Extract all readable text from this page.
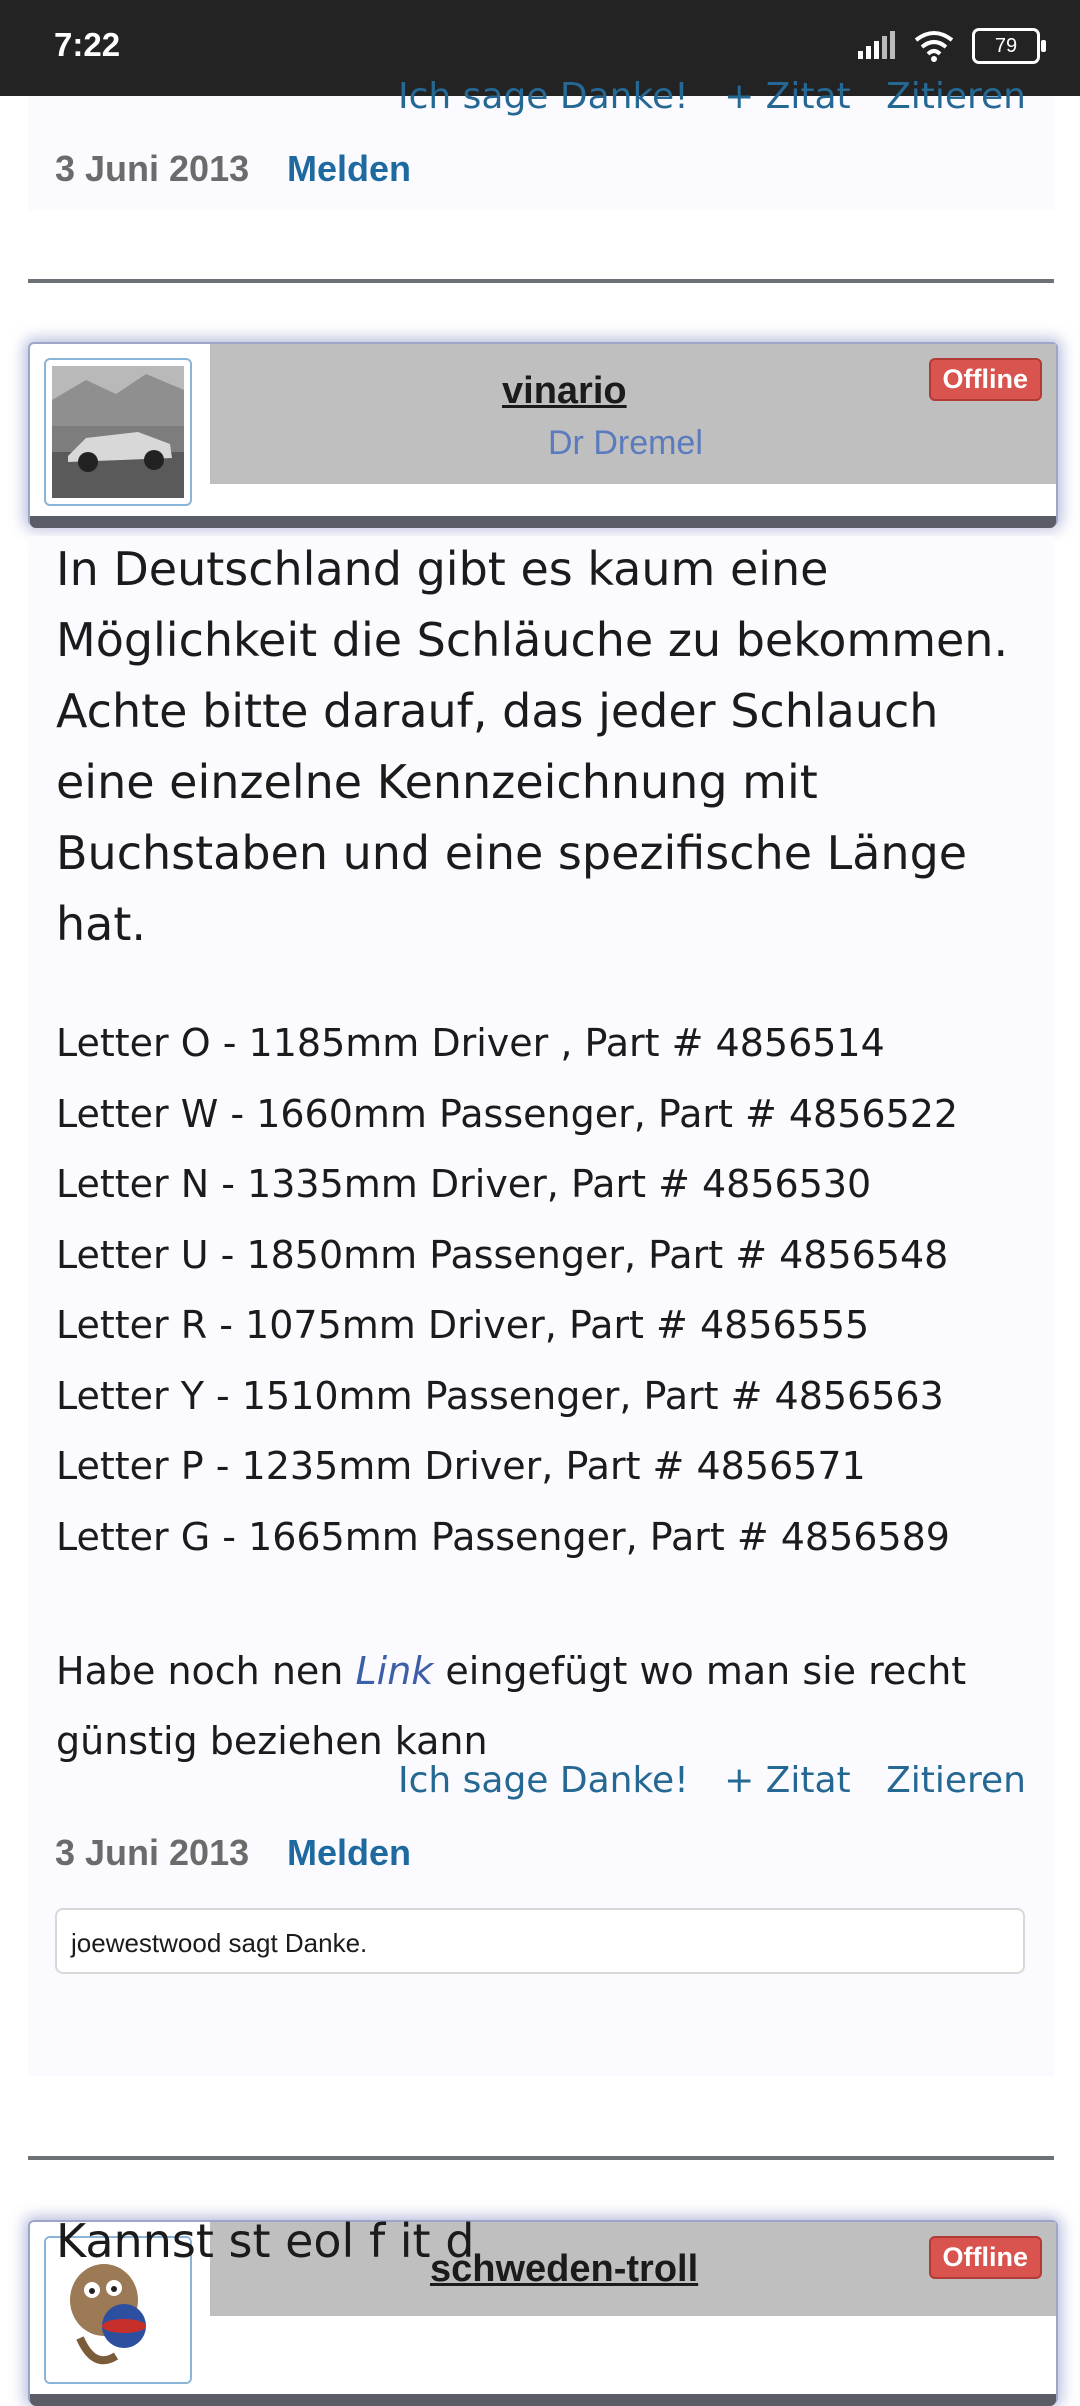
7:22	79
Ich sage Danke! + Zitat Zitieren
3 Juni 2013 Melden
vinario
Dr Dremel
Offline

In Deutschland gibt es kaum eine Möglichkeit die Schläuche zu bekommen. Achte bitte darauf, das jeder Schlauch eine einzelne Kennzeichnung mit Buchstaben und eine spezifische Länge hat.

Letter O - 1185mm Driver , Part # 4856514
Letter W - 1660mm Passenger, Part # 4856522
Letter N - 1335mm Driver, Part # 4856530
Letter U - 1850mm Passenger, Part # 4856548
Letter R - 1075mm Driver, Part # 4856555
Letter Y - 1510mm Passenger, Part # 4856563
Letter P - 1235mm Driver, Part # 4856571
Letter G - 1665mm Passenger, Part # 4856589
Habe noch nen Link eingefügt wo man sie recht günstig beziehen kann
Ich sage Danke! + Zitat Zitieren
3 Juni 2013 Melden
joewestwood sagt Danke.
schweden-troll	Offline
Kannst st eol f it d
